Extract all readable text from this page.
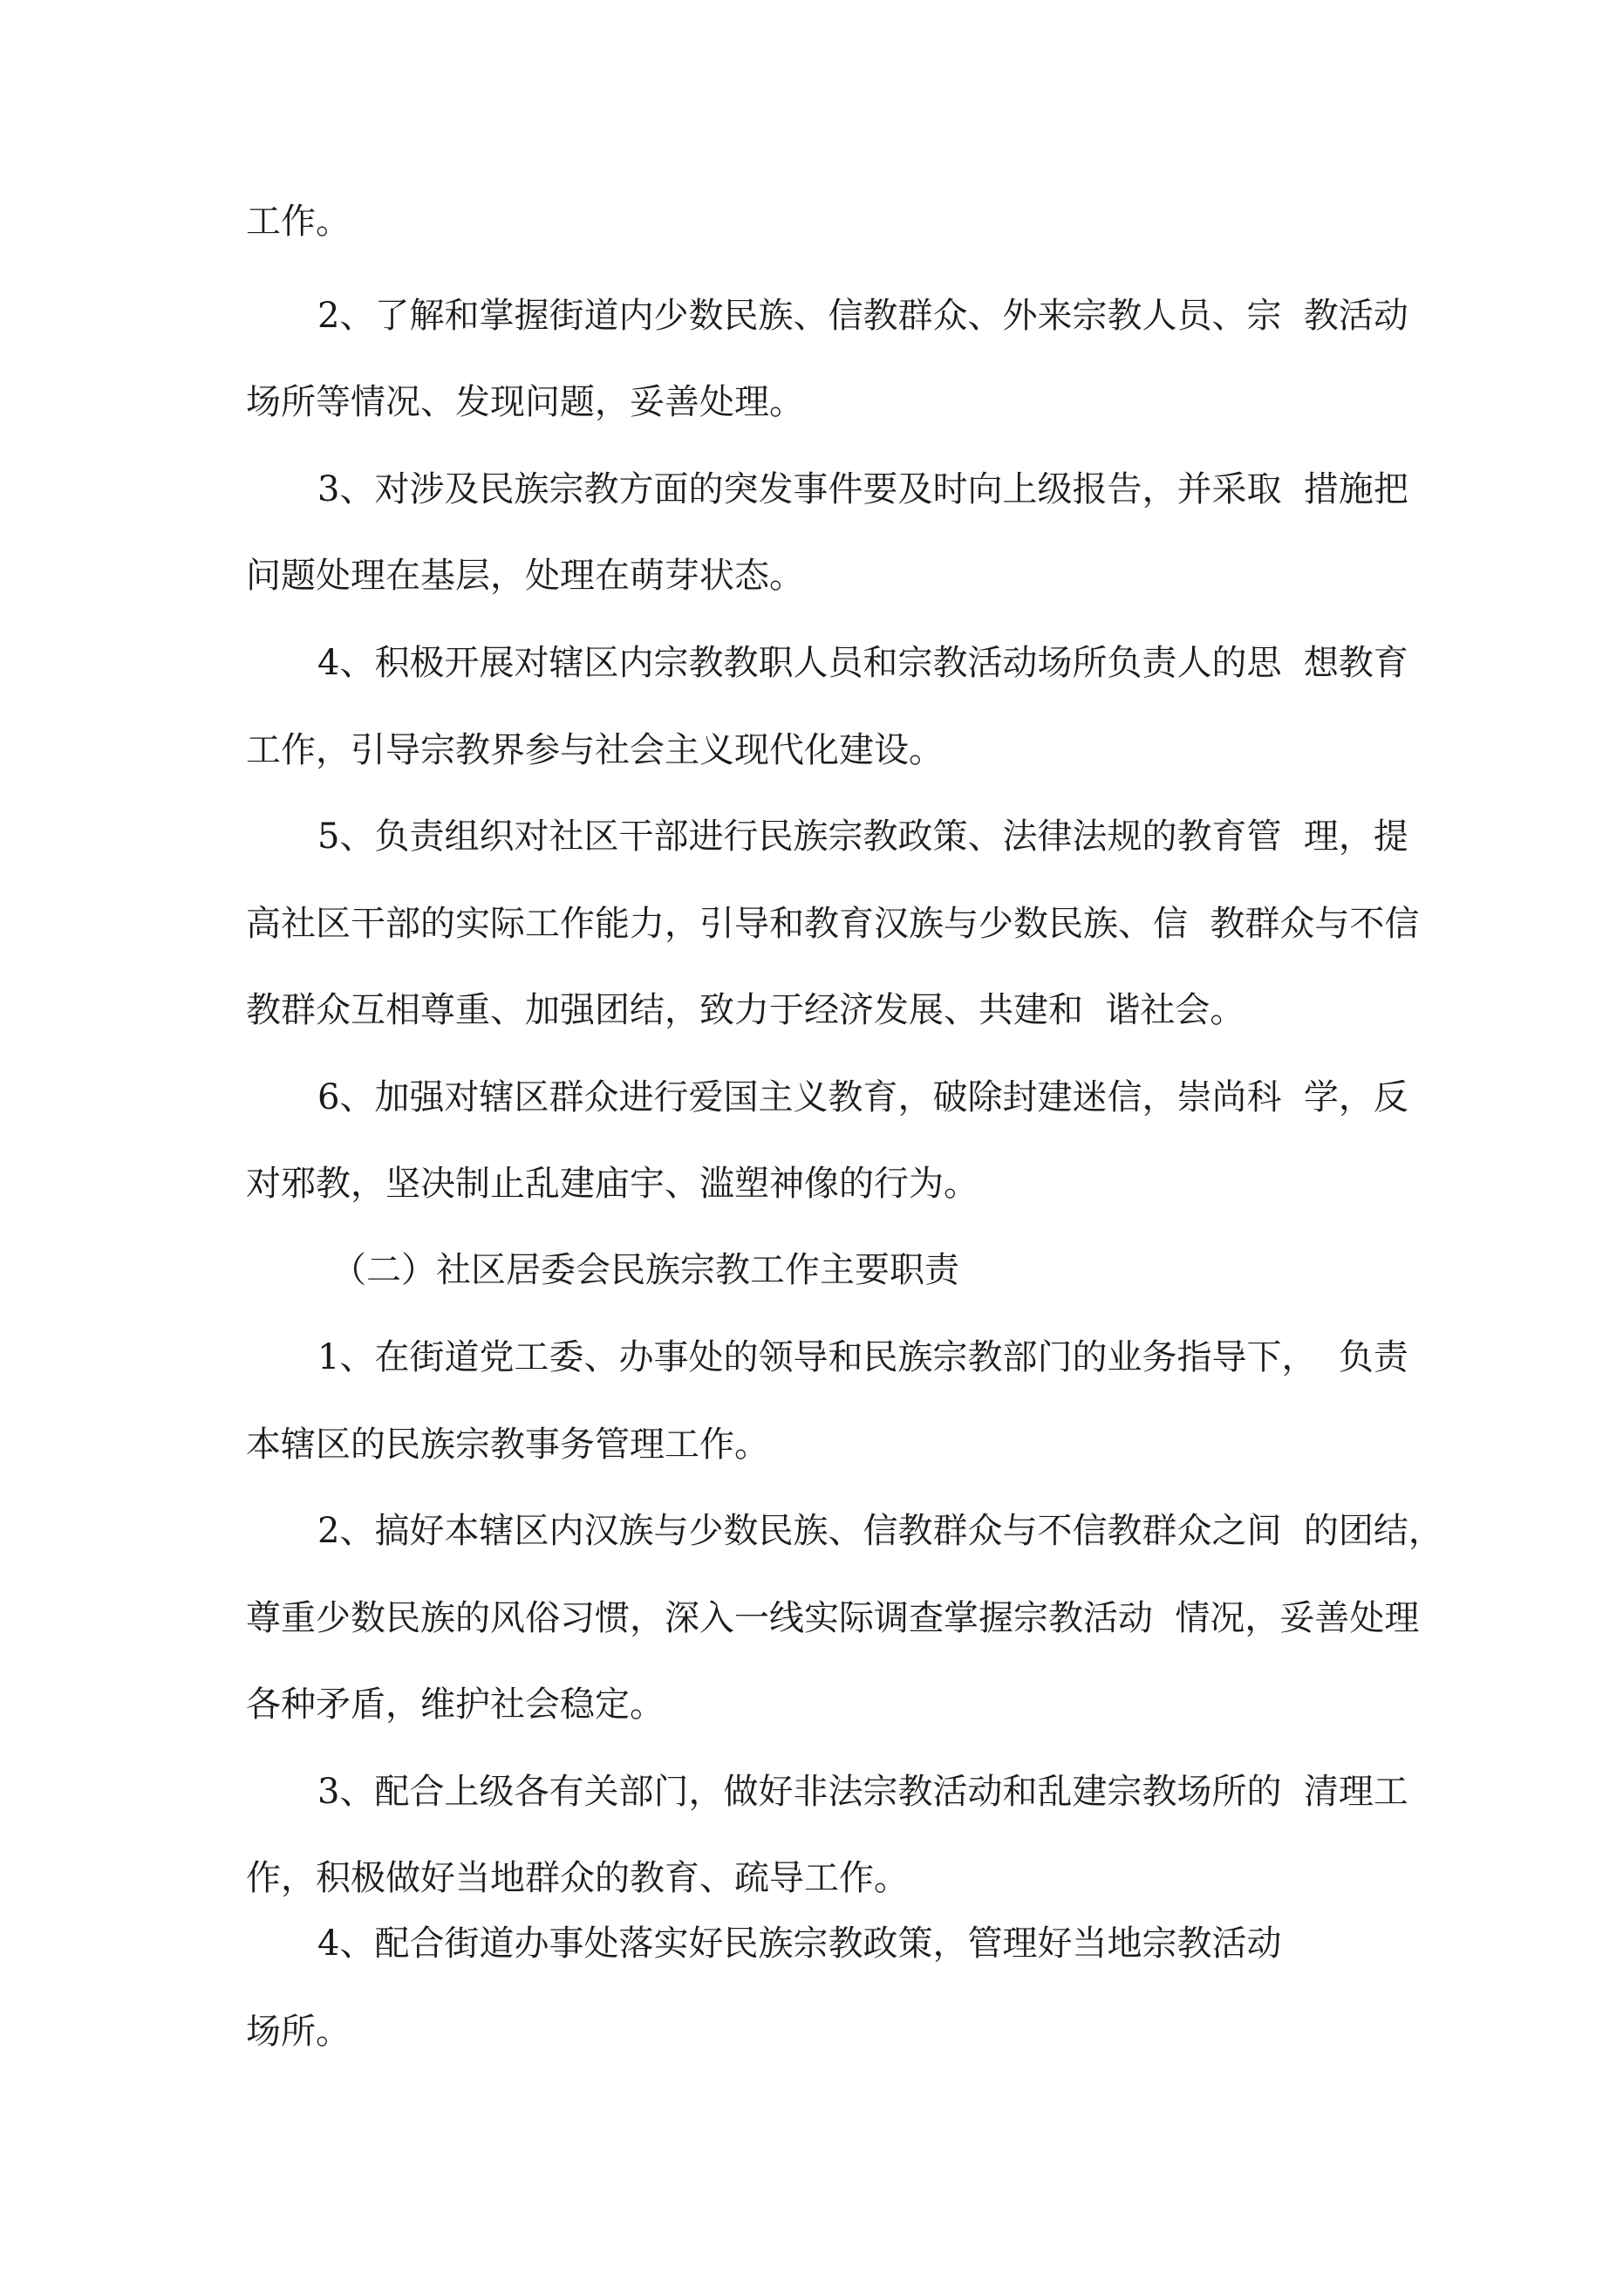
工作。
2、了解和掌握街道内少数民族、信教群众、外来宗教人员、宗  教活动
场所等情况、发现问题，妥善处理。
3、对涉及民族宗教方面的突发事件要及时向上级报告，并采取  措施把
问题处理在基层，处理在萌芽状态。
4、积极开展对辖区内宗教教职人员和宗教活动场所负责人的思  想教育
工作，引导宗教界参与社会主义现代化建设。
5、负责组织对社区干部进行民族宗教政策、法律法规的教育管  理，提
高社区干部的实际工作能力，引导和教育汉族与少数民族、信  教群众与不信
教群众互相尊重、加强团结，致力于经济发展、共建和  谐社会。
6、加强对辖区群众进行爱国主义教育，破除封建迷信，崇尚科  学，反
对邪教，坚决制止乱建庙宇、滥塑神像的行为。
（二）社区居委会民族宗教工作主要职责
1、在街道党工委、办事处的领导和民族宗教部门的业务指导下，  负责
本辖区的民族宗教事务管理工作。
2、搞好本辖区内汉族与少数民族、信教群众与不信教群众之间  的团结，
尊重少数民族的风俗习惯，深入一线实际调查掌握宗教活动  情况，妥善处理
各种矛盾，维护社会稳定。
3、配合上级各有关部门，做好非法宗教活动和乱建宗教场所的  清理工
作，积极做好当地群众的教育、疏导工作。
4、配合街道办事处落实好民族宗教政策，管理好当地宗教活动
场所。
